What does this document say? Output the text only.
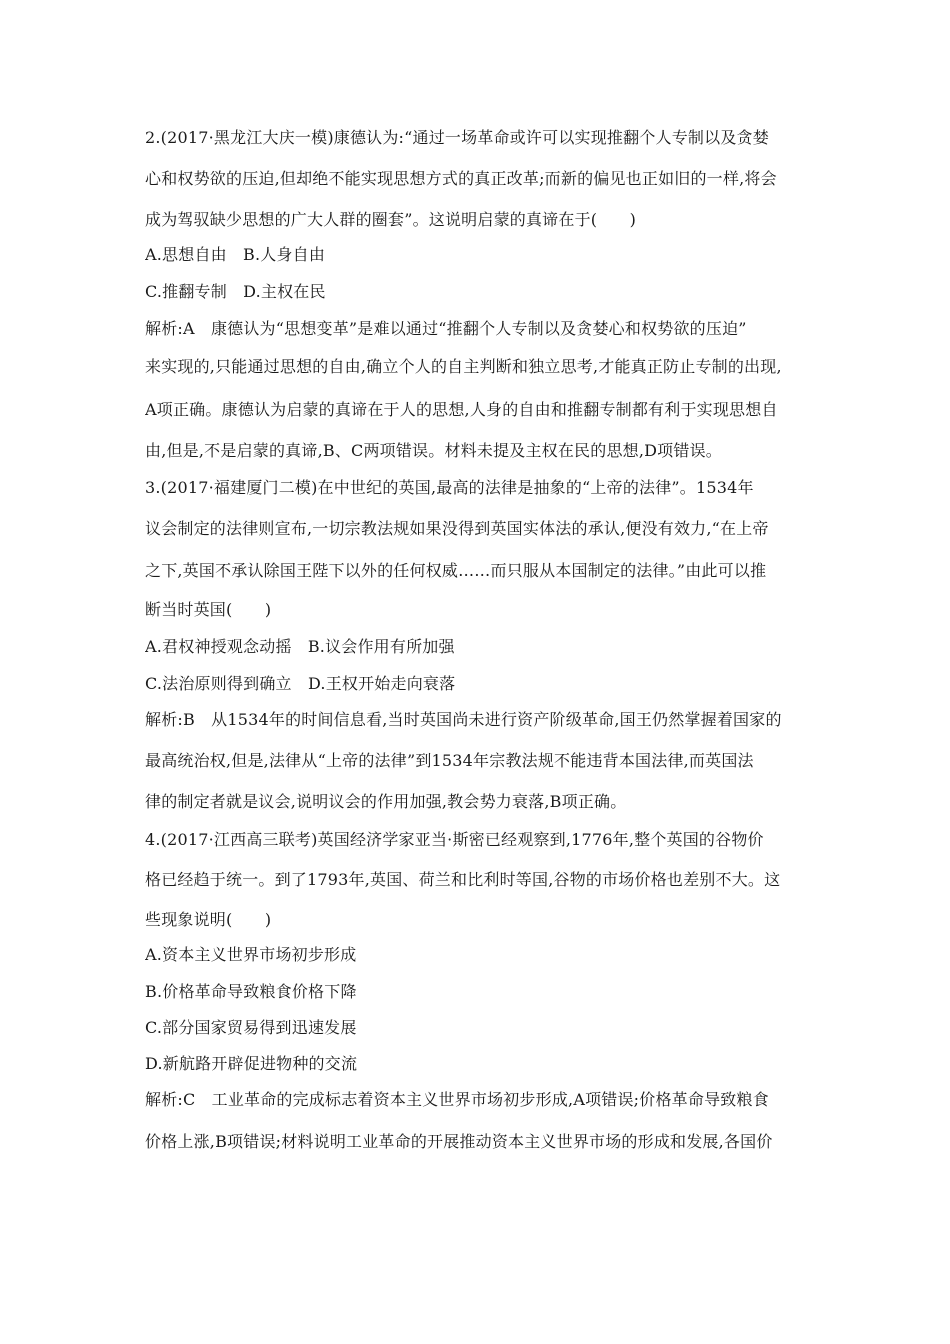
2.(2017·黑龙江大庆一模)康德认为:“通过一场革命或许可以实现推翻个人专制以及贪婪
心和权势欲的压迫,但却绝不能实现思想方式的真正改革;而新的偏见也正如旧的一样,将会
成为驾驭缺少思想的广大人群的圈套”。这说明启蒙的真谛在于(　　)
A.思想自由　B.人身自由
C.推翻专制　D.主权在民
解析:A　康德认为“思想变革”是难以通过“推翻个人专制以及贪婪心和权势欲的压迫”
来实现的,只能通过思想的自由,确立个人的自主判断和独立思考,才能真正防止专制的出现,
A项正确。康德认为启蒙的真谛在于人的思想,人身的自由和推翻专制都有利于实现思想自
由,但是,不是启蒙的真谛,B、C两项错误。材料未提及主权在民的思想,D项错误。
3.(2017·福建厦门二模)在中世纪的英国,最高的法律是抽象的“上帝的法律”。1534年
议会制定的法律则宣布,一切宗教法规如果没得到英国实体法的承认,便没有效力,“在上帝
之下,英国不承认除国王陛下以外的任何权威……而只服从本国制定的法律。”由此可以推
断当时英国(　　)
A.君权神授观念动摇　B.议会作用有所加强
C.法治原则得到确立　D.王权开始走向衰落
解析:B　从1534年的时间信息看,当时英国尚未进行资产阶级革命,国王仍然掌握着国家的
最高统治权,但是,法律从“上帝的法律”到1534年宗教法规不能违背本国法律,而英国法
律的制定者就是议会,说明议会的作用加强,教会势力衰落,B项正确。
4.(2017·江西高三联考)英国经济学家亚当·斯密已经观察到,1776年,整个英国的谷物价
格已经趋于统一。到了1793年,英国、荷兰和比利时等国,谷物的市场价格也差别不大。这
些现象说明(　　)
A.资本主义世界市场初步形成
B.价格革命导致粮食价格下降
C.部分国家贸易得到迅速发展
D.新航路开辟促进物种的交流
解析:C　工业革命的完成标志着资本主义世界市场初步形成,A项错误;价格革命导致粮食
价格上涨,B项错误;材料说明工业革命的开展推动资本主义世界市场的形成和发展,各国价
